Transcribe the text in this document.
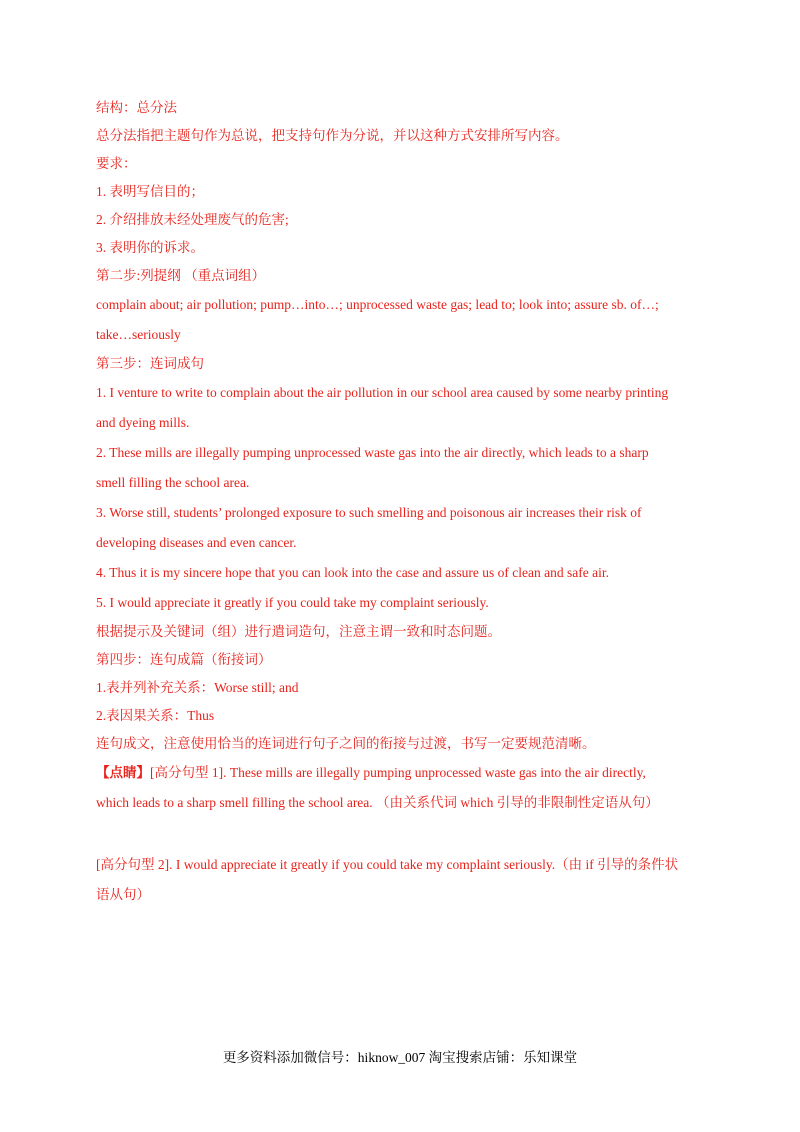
结构：总分法

总分法指把主题句作为总说，把支持句作为分说，并以这种方式安排所写内容。

要求：

1. 表明写信目的；

2. 介绍排放未经处理废气的危害;

3. 表明你的诉求。

第二步:列提纲 （重点词组）

complain about; air pollution; pump…into…; unprocessed waste gas; lead to; look into; assure sb. of…;

take…seriously

第三步：连词成句

1. I venture to write to complain about the air pollution in our school area caused by some nearby printing

and dyeing mills.

2. These mills are illegally pumping unprocessed waste gas into the air directly, which leads to a sharp

smell filling the school area.

3. Worse still, students’ prolonged exposure to such smelling and poisonous air increases their risk of

developing diseases and even cancer.

4. Thus it is my sincere hope that you can look into the case and assure us of clean and safe air.

5. I would appreciate it greatly if you could take my complaint seriously.

根据提示及关键词（组）进行遣词造句，注意主谓一致和时态问题。

第四步：连句成篇（衔接词）

1.表并列补充关系：Worse still; and

2.表因果关系：Thus

连句成文，注意使用恰当的连词进行句子之间的衔接与过渡，书写一定要规范清晰。

【点睛】[高分句型 1]. These mills are illegally pumping unprocessed waste gas into the air directly,

which leads to a sharp smell filling the school area. （由关系代词 which 引导的非限制性定语从句）

[高分句型 2]. I would appreciate it greatly if you could take my complaint seriously.（由 if 引导的条件状

语从句）

更多资料添加微信号：hiknow_007 淘宝搜索店铺：乐知课堂
